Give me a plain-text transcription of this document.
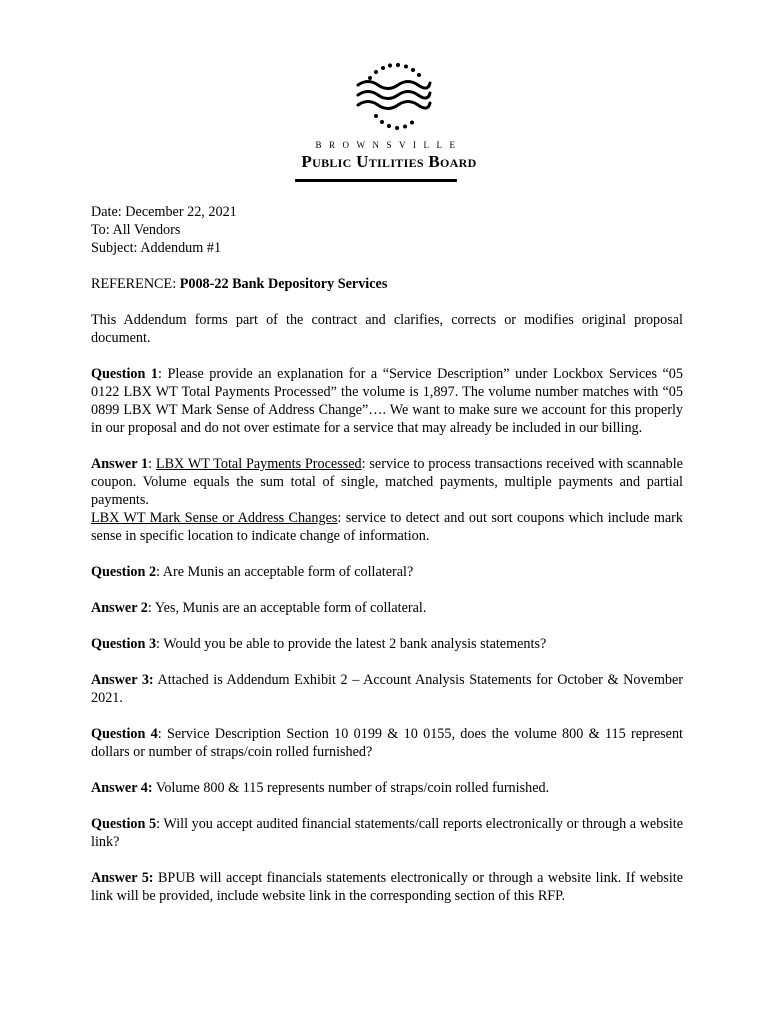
BROWNSVILLE
Public Utilities Board

Date: December 22, 2021

To: All Vendors

Subject: Addendum #1

REFERENCE: P008-22 Bank Depository Services

This Addendum forms part of the contract and clarifies, corrects or modifies original proposal document.

Question 1: Please provide an explanation for a “Service Description” under Lockbox Services “05 0122 LBX WT Total Payments Processed” the volume is 1,897. The volume number matches with “05 0899 LBX WT Mark Sense of Address Change”…. We want to make sure we account for this properly in our proposal and do not over estimate for a service that may already be included in our billing.

Answer 1: LBX WT Total Payments Processed: service to process transactions received with scannable coupon. Volume equals the sum total of single, matched payments, multiple payments and partial payments.
LBX WT Mark Sense or Address Changes: service to detect and out sort coupons which include mark sense in specific location to indicate change of information.

Question 2: Are Munis an acceptable form of collateral?

Answer 2: Yes, Munis are an acceptable form of collateral.

Question 3: Would you be able to provide the latest 2 bank analysis statements?

Answer 3: Attached is Addendum Exhibit 2 – Account Analysis Statements for October & November 2021.

Question 4: Service Description Section 10 0199 & 10 0155, does the volume 800 & 115 represent dollars or number of straps/coin rolled furnished?

Answer 4: Volume 800 & 115 represents number of straps/coin rolled furnished.

Question 5: Will you accept audited financial statements/call reports electronically or through a website link?

Answer 5: BPUB will accept financials statements electronically or through a website link. If website link will be provided, include website link in the corresponding section of this RFP.
